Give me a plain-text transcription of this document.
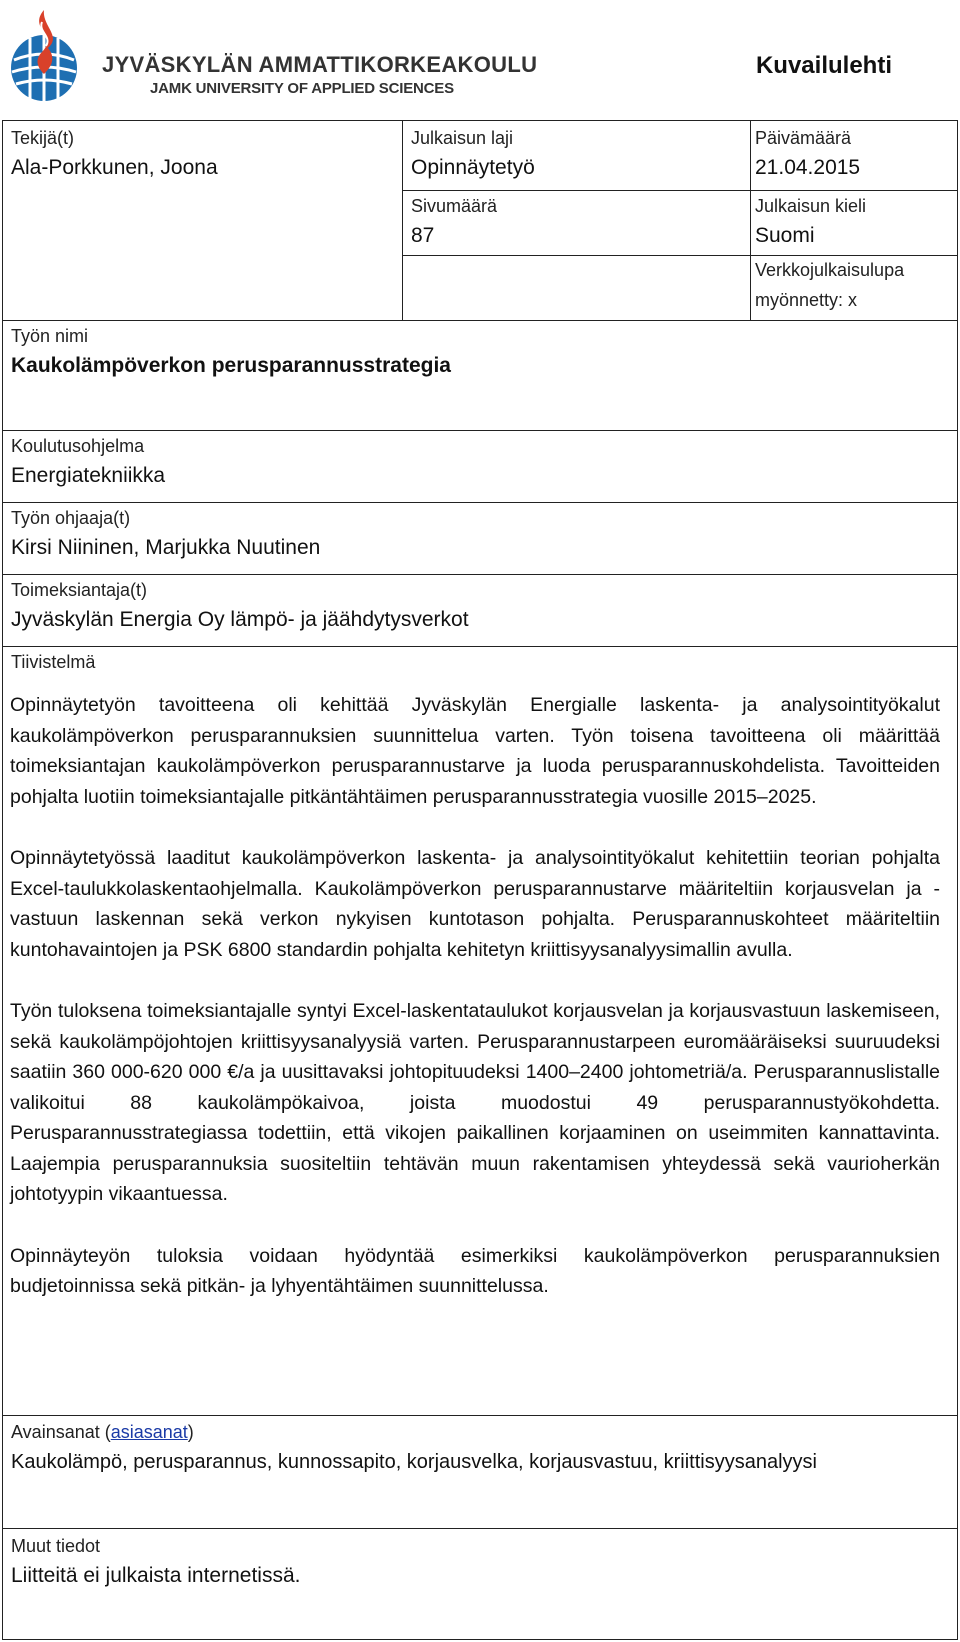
JYVÄSKYLÄN AMMATTIKORKEAKOULU
JAMK UNIVERSITY OF APPLIED SCIENCES
Kuvailulehti
Tekijä(t)
Ala-Porkkunen, Joona
Julkaisun laji
Opinnäytetyö
Päivämäärä
21.04.2015
Sivumäärä
87
Julkaisun kieli
Suomi
Verkkojulkaisulupa
myönnetty: x
Työn nimi
Kaukolämpöverkon perusparannusstrategia
Koulutusohjelma
Energiatekniikka
Työn ohjaaja(t)
Kirsi Niininen, Marjukka Nuutinen
Toimeksiantaja(t)
Jyväskylän Energia Oy lämpö- ja jäähdytysverkot
Tiivistelmä

Opinnäytetyön tavoitteena oli kehittää Jyväskylän Energialle laskenta- ja analysointityökalut kaukolämpöverkon perusparannuksien suunnittelua varten. Työn toisena tavoitteena oli määrittää toimeksiantajan kaukolämpöverkon perusparannustarve ja luoda perusparannuskohdelista. Tavoitteiden pohjalta luotiin toimeksiantajalle pitkäntähtäimen perusparannusstrategia vuosille 2015–2025.

Opinnäytetyössä laaditut kaukolämpöverkon laskenta- ja analysointityökalut kehitettiin teorian pohjalta Excel-taulukkolaskentaohjelmalla. Kaukolämpöverkon perusparannustarve määriteltiin korjausvelan ja -vastuun laskennan sekä verkon nykyisen kuntotason pohjalta. Perusparannuskohteet määriteltiin kuntohavaintojen ja PSK 6800 standardin pohjalta kehitetyn kriittisyysanalyysimallin avulla.

Työn tuloksena toimeksiantajalle syntyi Excel-laskentataulukot korjausvelan ja korjausvastuun laskemiseen, sekä kaukolämpöjohtojen kriittisyysanalyysiä varten. Perusparannustarpeen euromääräiseksi suuruudeksi saatiin 360 000-620 000 €/a ja uusittavaksi johtopituudeksi 1400–2400 johtometriä/a. Perusparannuslistalle valikoitui 88 kaukolämpökaivoa, joista muodostui 49 perusparannustyökohdetta. Perusparannusstrategiassa todettiin, että vikojen paikallinen korjaaminen on useimmiten kannattavinta. Laajempia perusparannuksia suositeltiin tehtävän muun rakentamisen yhteydessä sekä vaurioherkän johtotyypin vikaantuessa.

Opinnäyteyön tuloksia voidaan hyödyntää esimerkiksi kaukolämpöverkon perusparannuksien budjetoinnissa sekä pitkän- ja lyhyentähtäimen suunnittelussa.

Avainsanat (asiasanat)
Kaukolämpö, perusparannus, kunnossapito, korjausvelka, korjausvastuu, kriittisyysanalyysi
Muut tiedot
Liitteitä ei julkaista internetissä.
